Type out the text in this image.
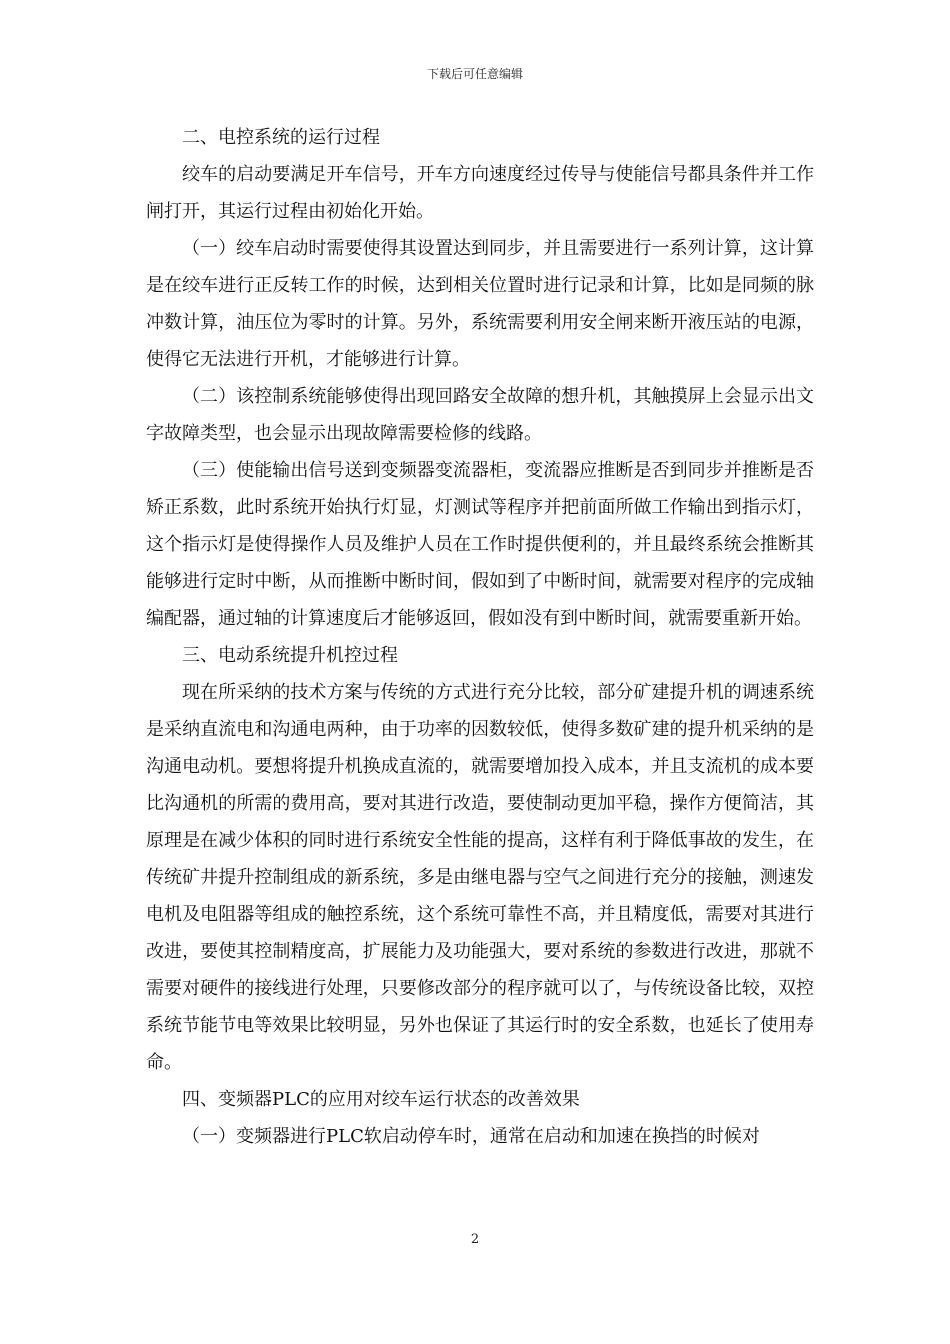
下载后可任意编辑

二、电控系统的运行过程

绞车的启动要满足开车信号，开车方向速度经过传导与使能信号都具条件并工作闸打开，其运行过程由初始化开始。

（一）绞车启动时需要使得其设置达到同步，并且需要进行一系列计算，这计算是在绞车进行正反转工作的时候，达到相关位置时进行记录和计算，比如是同频的脉冲数计算，油压位为零时的计算。另外，系统需要利用安全闸来断开液压站的电源，使得它无法进行开机，才能够进行计算。

（二）该控制系统能够使得出现回路安全故障的想升机，其触摸屏上会显示出文字故障类型，也会显示出现故障需要检修的线路。

（三）使能输出信号送到变频器变流器柜，变流器应推断是否到同步并推断是否矫正系数，此时系统开始执行灯显，灯测试等程序并把前面所做工作输出到指示灯，这个指示灯是使得操作人员及维护人员在工作时提供便利的，并且最终系统会推断其能够进行定时中断，从而推断中断时间，假如到了中断时间，就需要对程序的完成轴编配器，通过轴的计算速度后才能够返回，假如没有到中断时间，就需要重新开始。

三、电动系统提升机控过程

现在所采纳的技术方案与传统的方式进行充分比较，部分矿建提升机的调速系统是采纳直流电和沟通电两种，由于功率的因数较低，使得多数矿建的提升机采纳的是沟通电动机。要想将提升机换成直流的，就需要增加投入成本，并且支流机的成本要比沟通机的所需的费用高，要对其进行改造，要使制动更加平稳，操作方便简洁，其原理是在减少体积的同时进行系统安全性能的提高，这样有利于降低事故的发生，在传统矿井提升控制组成的新系统，多是由继电器与空气之间进行充分的接触，测速发电机及电阻器等组成的触控系统，这个系统可靠性不高，并且精度低，需要对其进行改进，要使其控制精度高，扩展能力及功能强大，要对系统的参数进行改进，那就不需要对硬件的接线进行处理，只要修改部分的程序就可以了，与传统设备比较，双控系统节能节电等效果比较明显，另外也保证了其运行时的安全系数，也延长了使用寿命。

四、变频器PLC的应用对绞车运行状态的改善效果

（一）变频器进行PLC软启动停车时，通常在启动和加速在换挡的时候对

2
